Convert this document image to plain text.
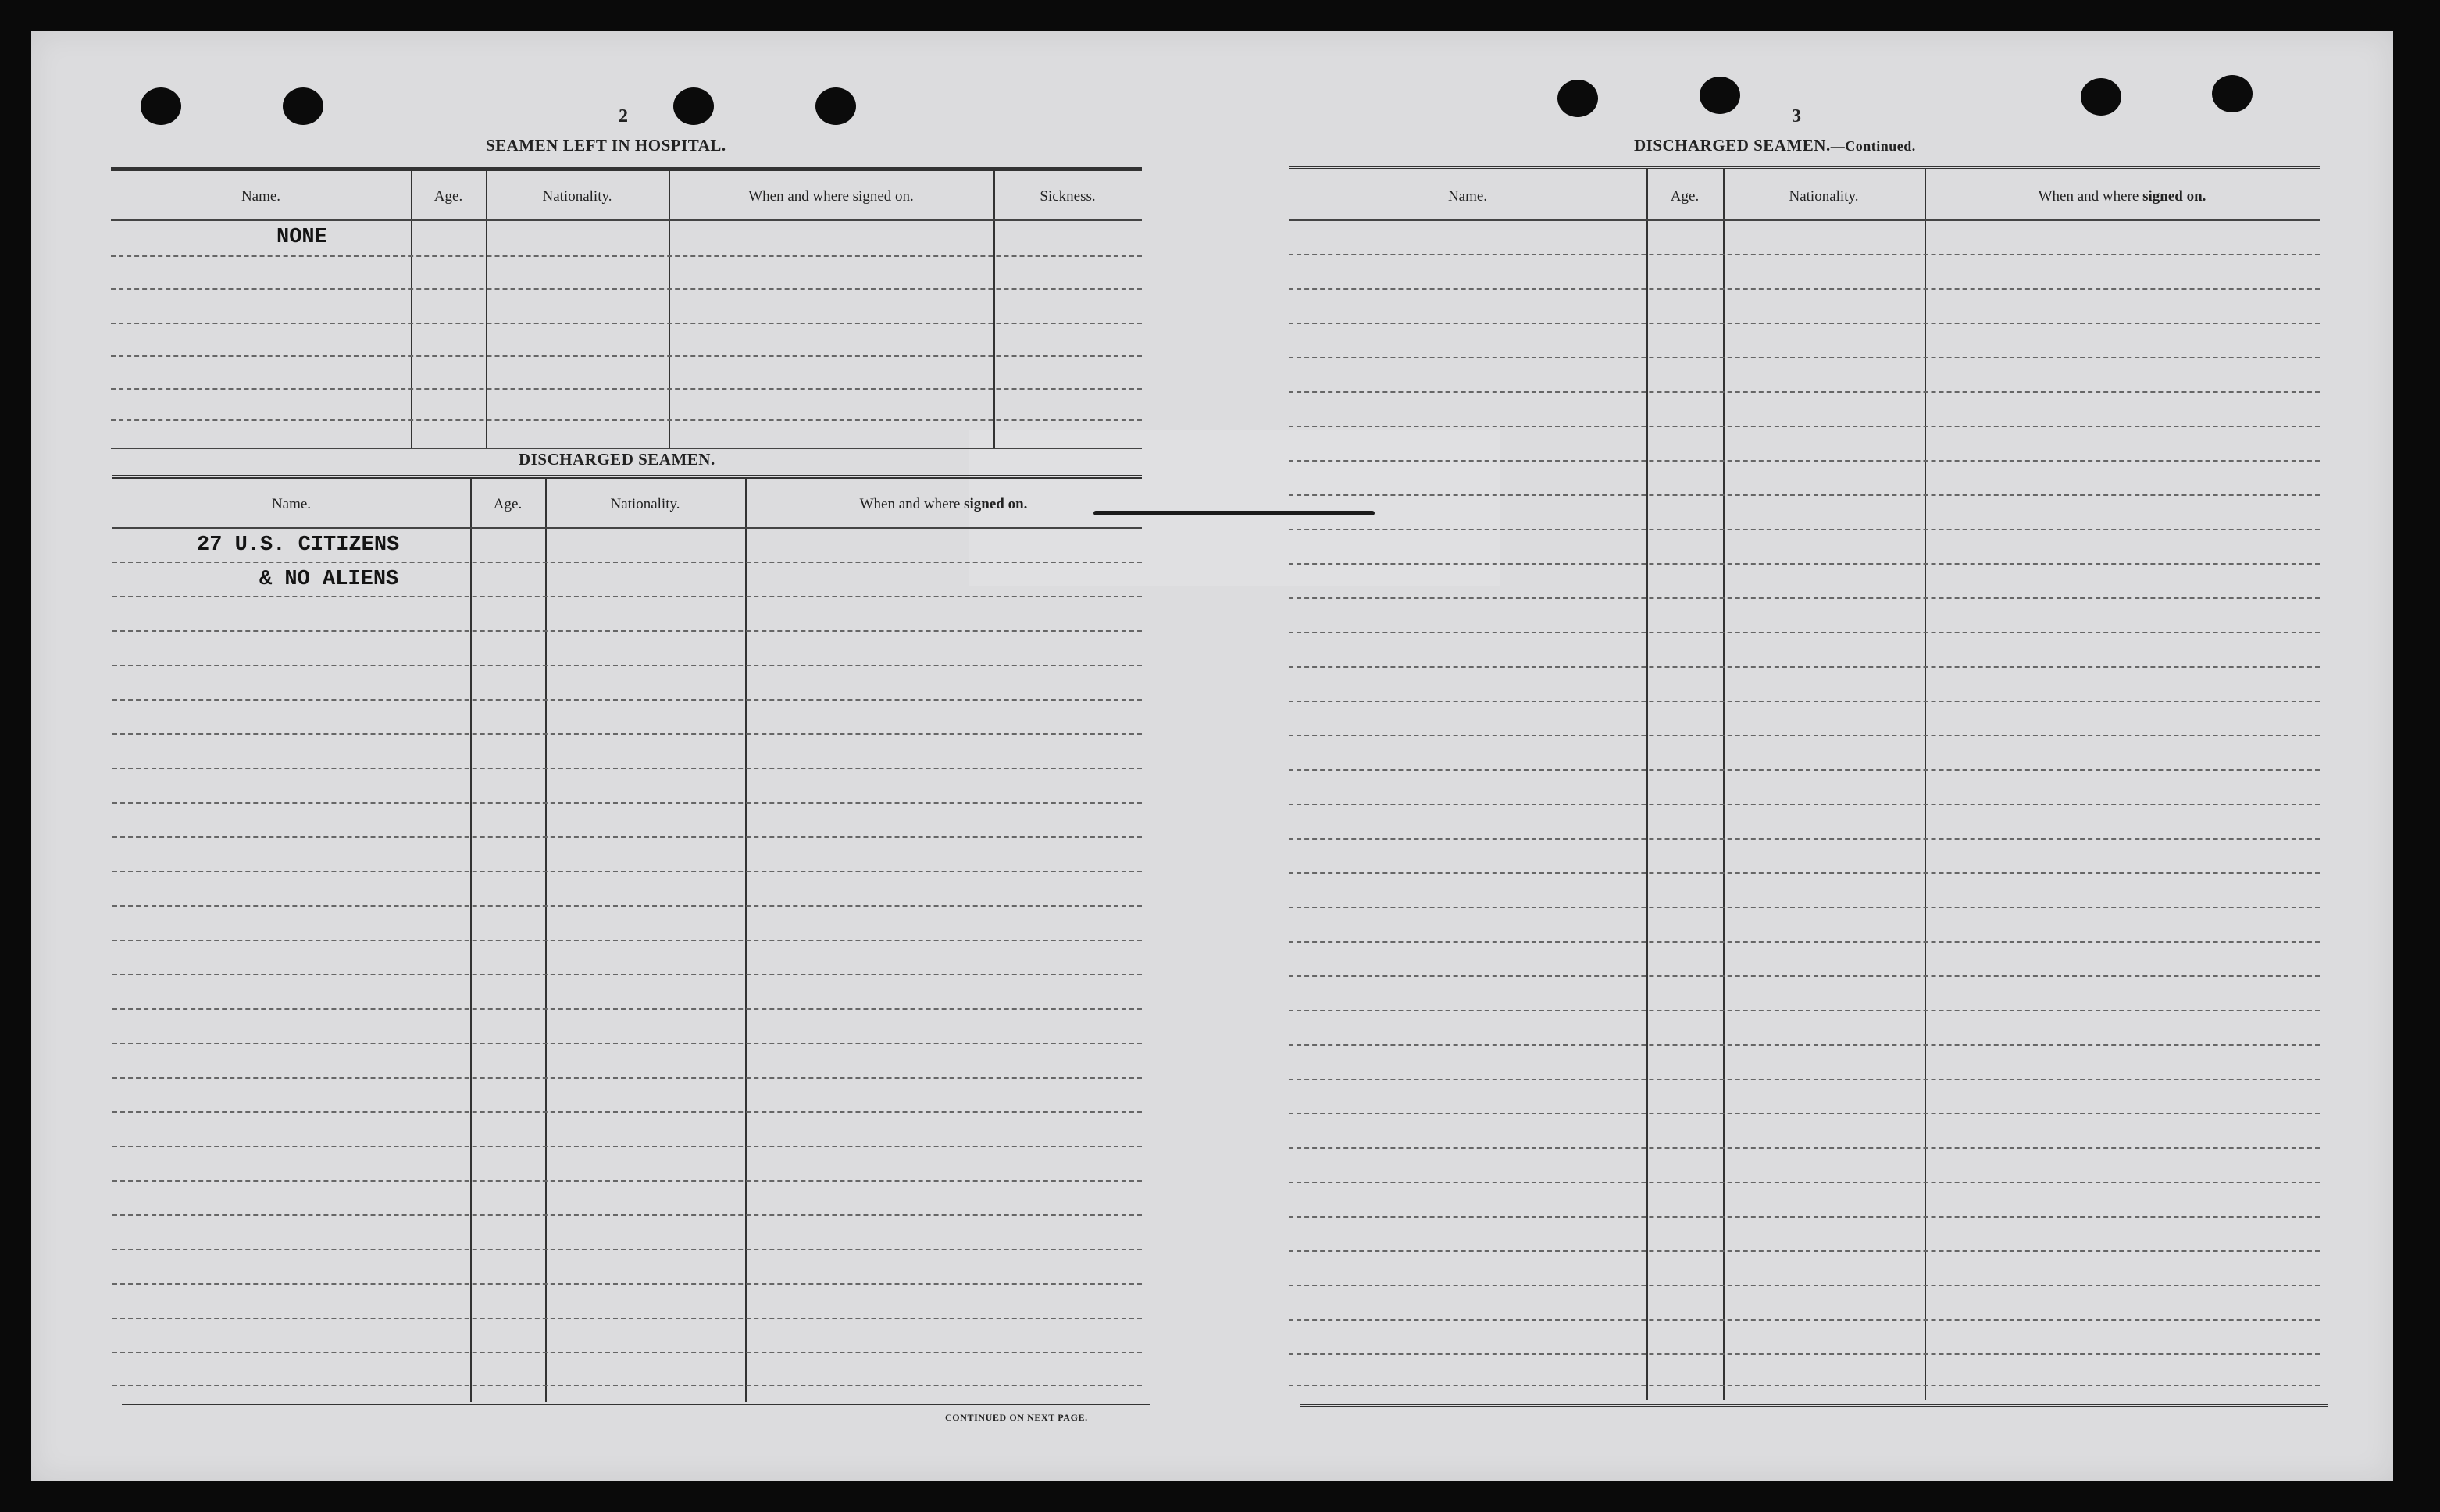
2
SEAMEN LEFT IN HOSPITAL.
Name.	Age.	Nationality.	When and where signed on.	Sickness.
NONE
DISCHARGED SEAMEN.
Name.	Age.	Nationality.	When and where signed on.
27 U.S. CITIZENS
& NO ALIENS
CONTINUED ON NEXT PAGE.
3
DISCHARGED SEAMEN.—Continued.
Name.	Age.	Nationality.	When and where signed on.
